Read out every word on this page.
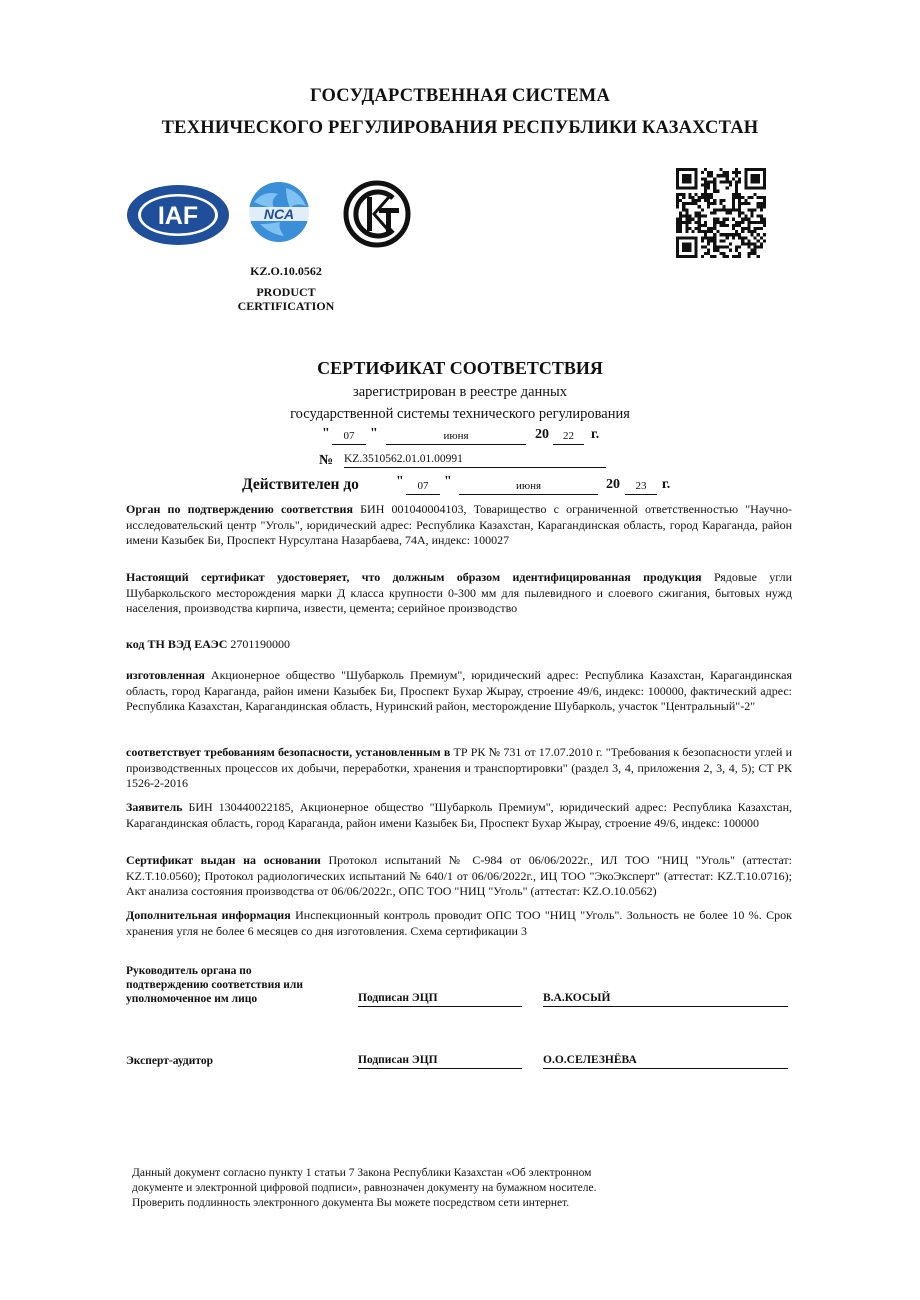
ГОСУДАРСТВЕННАЯ СИСТЕМА
ТЕХНИЧЕСКОГО РЕГУЛИРОВАНИЯ РЕСПУБЛИКИ КАЗАХСТАН
IAF	NCA
KZ.O.10.0562
PRODUCT
CERTIFICATION
СЕРТИФИКАТ СООТВЕТСТВИЯ
зарегистрирован в реестре данных
государственной системы технического регулирования
"	07	"	июня	20	22	г.
№ KZ.3510562.01.01.00991
Действителен до	"	07	"	июня	20	23	г.
Орган по подтверждению соответствия БИН 001040004103, Товарищество с ограниченной ответственностью "Научно-исследовательский центр "Уголь", юридический адрес: Республика Казахстан, Карагандинская область, город Караганда, район имени Казыбек Би, Проспект Нурсултана Назарбаева, 74А, индекс: 100027
Настоящий сертификат удостоверяет, что должным образом идентифицированная продукция Рядовые угли Шубаркольского месторождения марки Д класса крупности 0-300 мм для пылевидного и слоевого сжигания, бытовых нужд населения, производства кирпича, извести, цемента; серийное производство
код ТН ВЭД ЕАЭС 2701190000
изготовленная Акционерное общество "Шубарколь Премиум", юридический адрес: Республика Казахстан, Карагандинская область, город Караганда, район имени Казыбек Би, Проспект Бухар Жырау, строение 49/6, индекс: 100000, фактический адрес: Республика Казахстан, Карагандинская область, Нуринский район, месторождение Шубарколь, участок "Центральный"-2"
соответствует требованиям безопасности, установленным в ТР РК № 731 от 17.07.2010 г. "Требования к безопасности углей и производственных процессов их добычи, переработки, хранения и транспортировки" (раздел 3, 4, приложения 2, 3, 4, 5); СТ РК 1526-2-2016
Заявитель БИН 130440022185, Акционерное общество "Шубарколь Премиум", юридический адрес: Республика Казахстан, Карагандинская область, город Караганда, район имени Казыбек Би, Проспект Бухар Жырау, строение 49/6, индекс: 100000
Сертификат выдан на основании Протокол испытаний № С-984 от 06/06/2022г., ИЛ ТОО "НИЦ "Уголь" (аттестат: KZ.T.10.0560); Протокол радиологических испытаний № 640/1 от 06/06/2022г., ИЦ ТОО "ЭкоЭксперт" (аттестат: KZ.T.10.0716); Акт анализа состояния производства от 06/06/2022г., ОПС ТОО "НИЦ "Уголь" (аттестат: KZ.O.10.0562)
Дополнительная информация Инспекционный контроль проводит ОПС ТОО "НИЦ "Уголь". Зольность не более 10 %. Срок хранения угля не более 6 месяцев со дня изготовления. Схема сертификации 3
Руководитель органа по
подтверждению соответствия или
уполномоченное им лицо	Подписан ЭЦП	В.А.КОСЫЙ
Эксперт-аудитор	Подписан ЭЦП	О.О.СЕЛЕЗНЁВА
Данный документ согласно пункту 1 статьи 7 Закона Республики Казахстан «Об электронном
документе и электронной цифровой подписи», равнозначен документу на бумажном носителе.
Проверить подлинность электронного документа Вы можете посредством сети интернет.
